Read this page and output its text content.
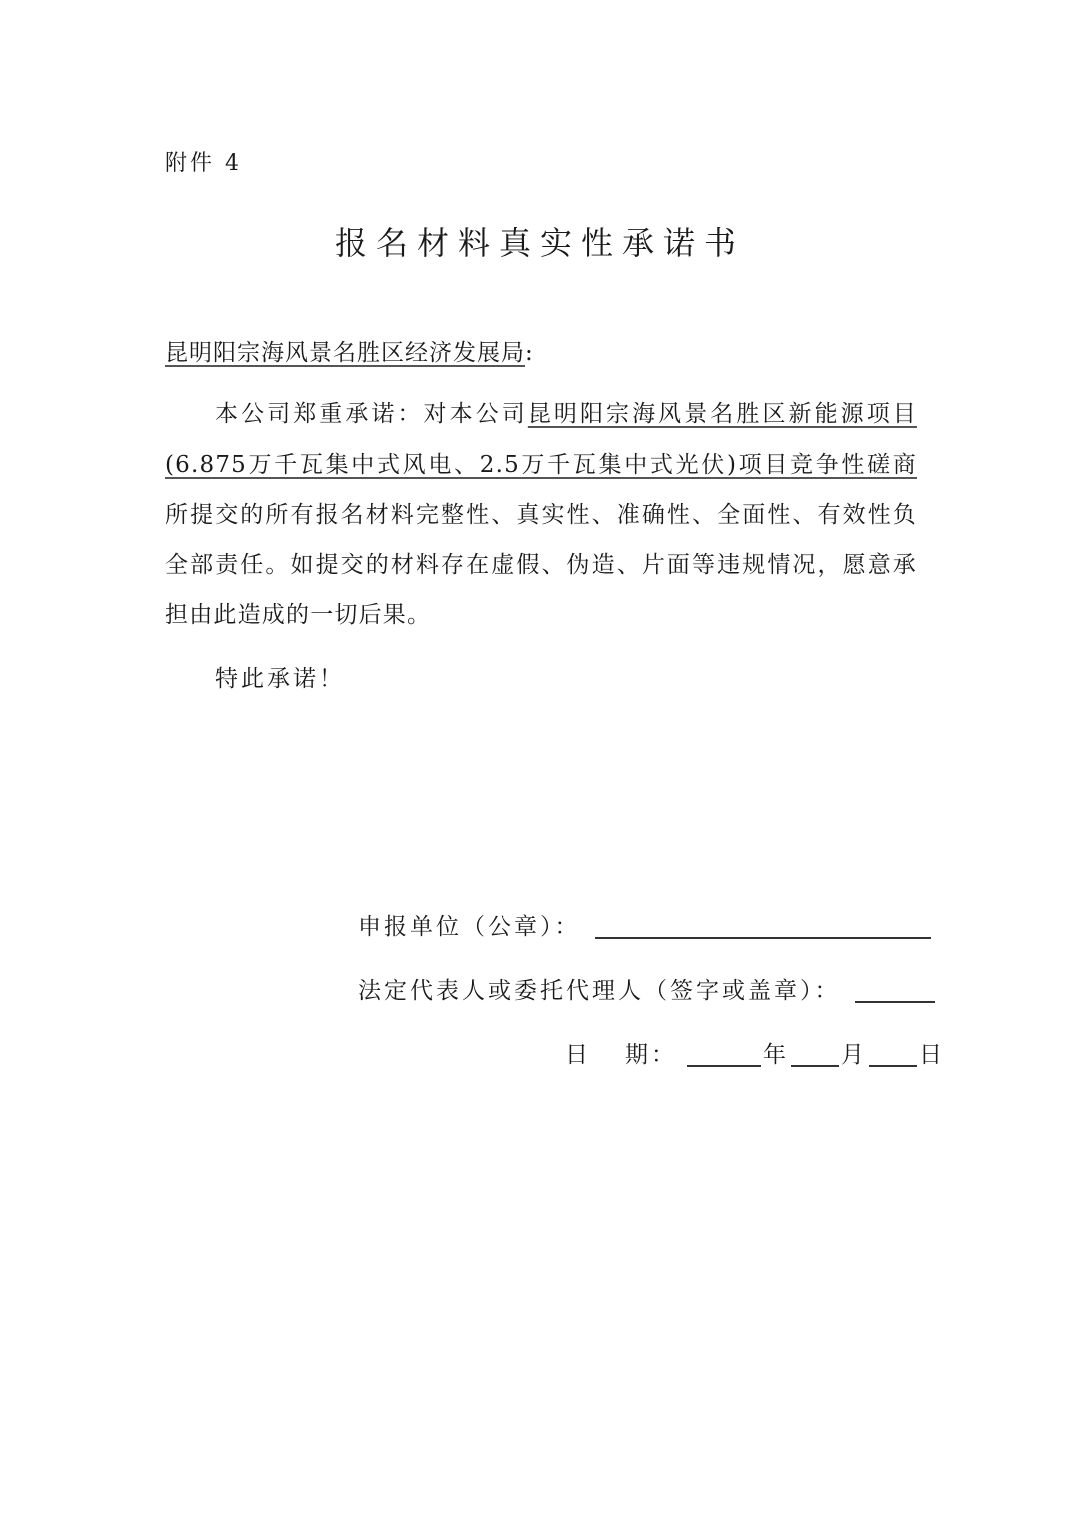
附件 4
报名材料真实性承诺书
昆明阳宗海风景名胜区经济发展局:
本公司郑重承诺：对本公司昆明阳宗海风景名胜区新能源项目
(6.875万千瓦集中式风电、2.5万千瓦集中式光伏)项目竞争性磋商
所提交的所有报名材料完整性、真实性、准确性、全面性、有效性负
全部责任。如提交的材料存在虚假、伪造、片面等违规情况，愿意承
担由此造成的一切后果。
特此承诺！
申报单位（公章）：
法定代表人或委托代理人（签字或盖章）：
日 期：	年 月 日
